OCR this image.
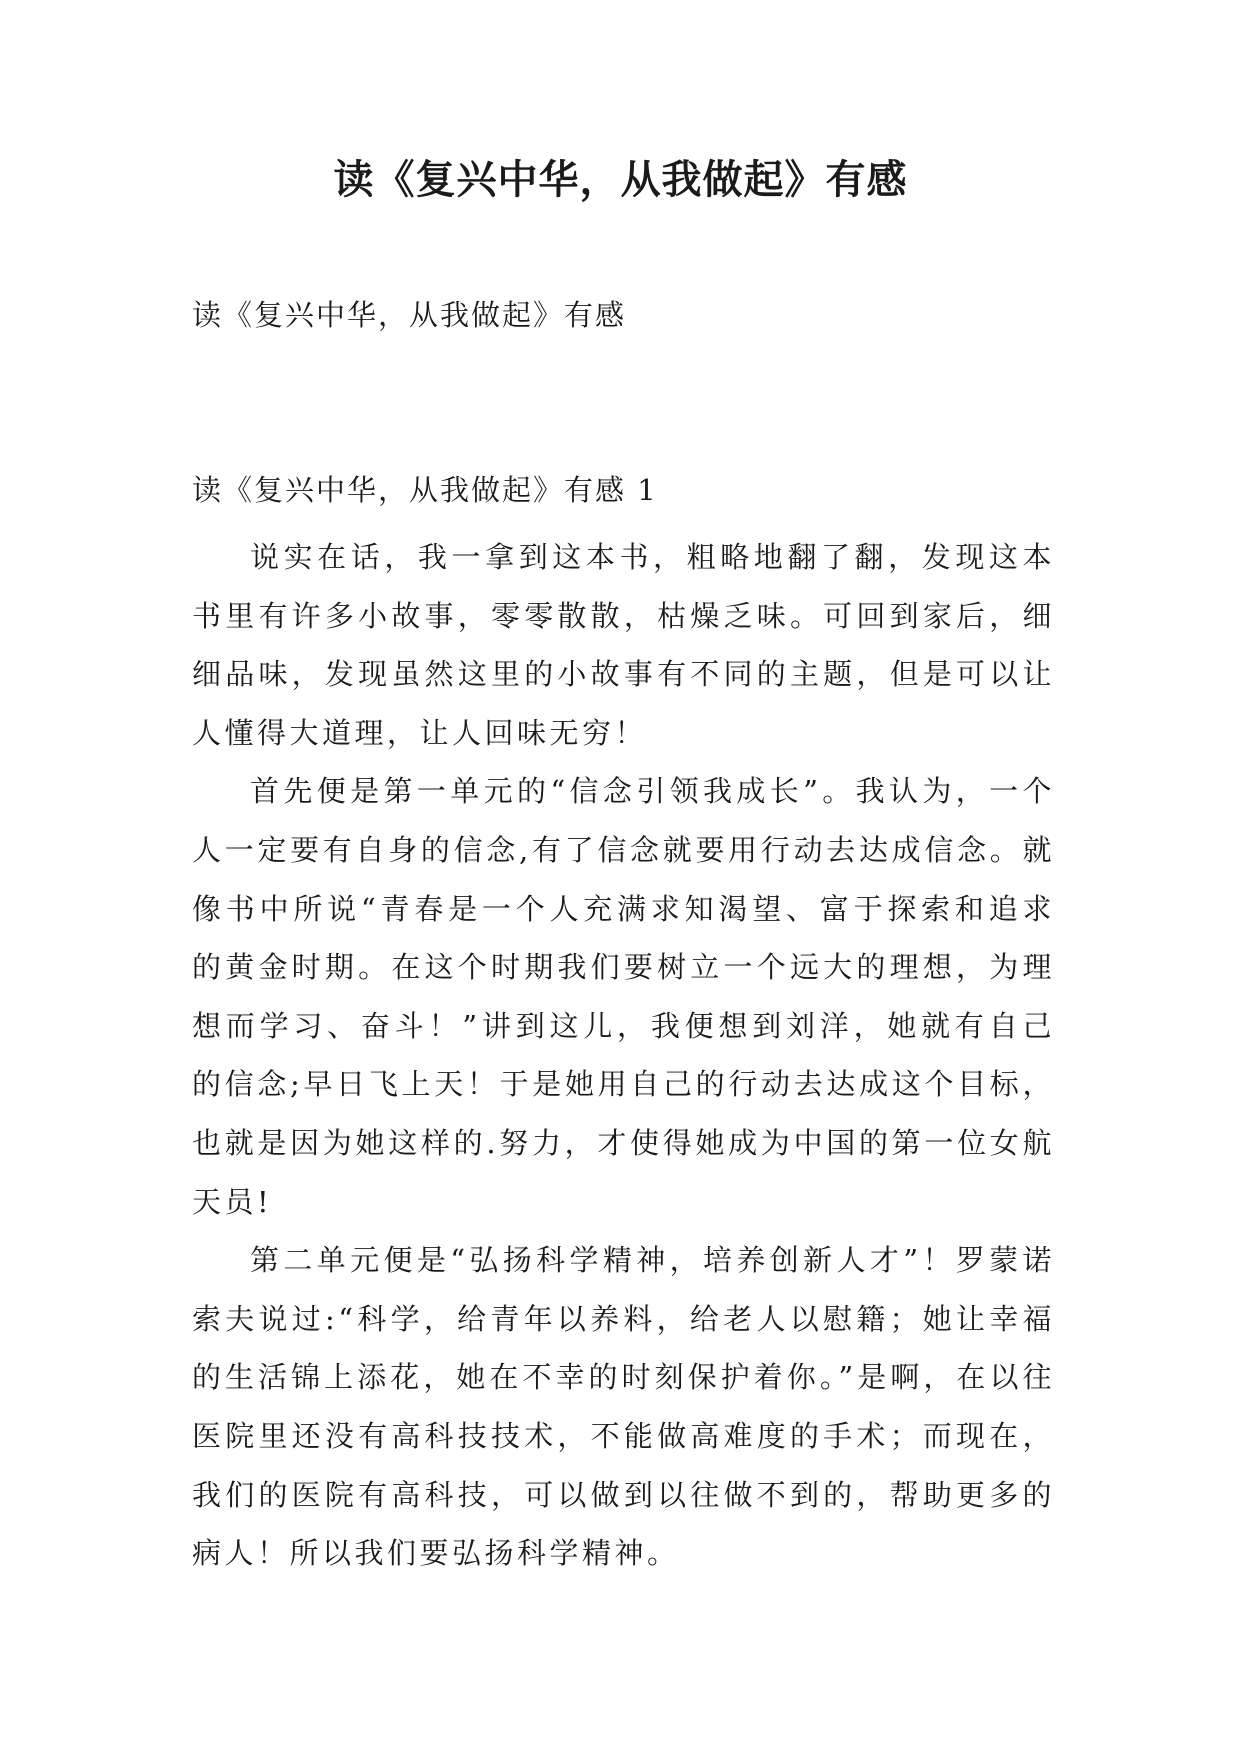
读《复兴中华，从我做起》有感

读《复兴中华，从我做起》有感

读《复兴中华，从我做起》有感 1

说实在话，我一拿到这本书，粗略地翻了翻，发现这本书里有许多小故事，零零散散，枯燥乏味。可回到家后，细细品味，发现虽然这里的小故事有不同的主题，但是可以让人懂得大道理，让人回味无穷！

首先便是第一单元的“信念引领我成长”。我认为，一个人一定要有自身的信念,有了信念就要用行动去达成信念。就像书中所说“青春是一个人充满求知渴望、富于探索和追求的黄金时期。在这个时期我们要树立一个远大的理想，为理想而学习、奋斗！”讲到这儿，我便想到刘洋，她就有自己的信念;早日飞上天！于是她用自己的行动去达成这个目标，也就是因为她这样的.努力，才使得她成为中国的第一位女航天员!

第二单元便是“弘扬科学精神，培养创新人才”！罗蒙诺索夫说过:“科学，给青年以养料，给老人以慰籍；她让幸福的生活锦上添花，她在不幸的时刻保护着你。”是啊，在以往医院里还没有高科技技术，不能做高难度的手术；而现在，我们的医院有高科技，可以做到以往做不到的，帮助更多的病人！所以我们要弘扬科学精神。
